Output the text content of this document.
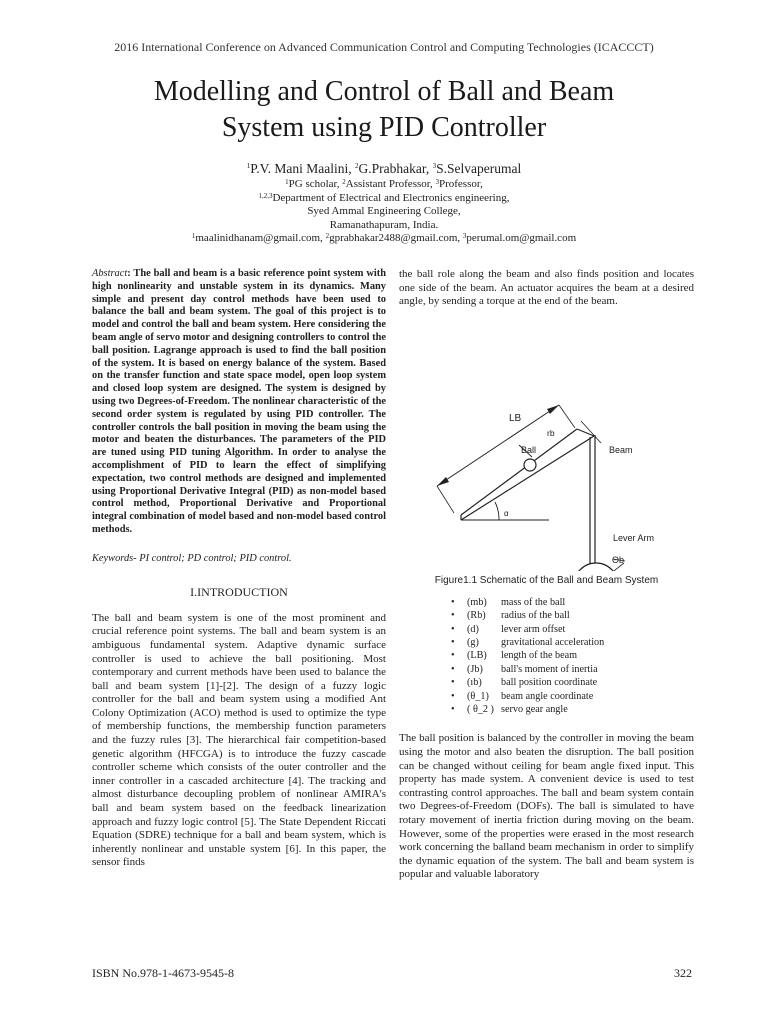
2016 International Conference on Advanced Communication Control and Computing Technologies (ICACCCT)
Modelling and Control of Ball and Beam
System using PID Controller
$^1$P.V. Mani Maalini, $^2$G.Prabhakar, $^3$S.Selvaperumal
$^1$PG scholar, $^2$Assistant Professor, $^3$Professor,
$^{1,2,3}$Department of Electrical and Electronics engineering,
Syed Ammal Engineering College,
Ramanathapuram, India.
$^1$maalinidhanam@gmail.com, $^2$gprabhakar2488@gmail.com, $^3$perumal.om@gmail.com
Abstract: The ball and beam is a basic reference point system with high nonlinearity and unstable system in its dynamics. Many simple and present day control methods have been used to balance the ball and beam system. The goal of this project is to model and control the ball and beam system. Here considering the beam angle of servo motor and designing controllers to control the ball position. Lagrange approach is used to find the ball position of the system. It is based on energy balance of the system. Based on the transfer function and state space model, open loop system and closed loop system are designed. The system is designed by using two Degrees-of-Freedom. The nonlinear characteristic of the second order system is regulated by using PID controller. The controller controls the ball position in moving the beam using the motor and beaten the disturbances. The parameters of the PID are tuned using PID tuning Algorithm. In order to analyse the accomplishment of PID to learn the effect of simplifying expectation, two control methods are designed and implemented using Proportional Derivative Integral (PID) as non-model based control method, Proportional Derivative and Proportional integral combination of model based and non-model based control methods.
Keywords- PI control; PD control; PID control.
I.INTRODUCTION
The ball and beam system is one of the most prominent and crucial reference point systems. The ball and beam system is an ambiguous fundamental system. Adaptive dynamic surface controller is used to achieve the ball positioning. Most contemporary and current methods have been used to balance the ball and beam system [1]-[2]. The design of a fuzzy logic controller for the ball and beam system using a modified Ant Colony Optimization (ACO) method is used to optimize the type of membership functions, the membership function parameters and the fuzzy rules [3]. The hierarchical fair competition-based genetic algorithm (HFCGA) is to introduce the fuzzy cascade controller scheme which consists of the outer controller and the inner controller in a cascaded architecture [4]. The tracking and almost disturbance decoupling problem of nonlinear AMIRA's ball and beam system based on the feedback linearization approach and fuzzy logic control [5]. The State Dependent Riccati Equation (SDRE) technique for a ball and beam system, which is inherently nonlinear and unstable system [6]. In this paper, the sensor finds
the ball role along the beam and also finds position and locates one side of the beam. An actuator acquires the beam at a desired angle, by sending a torque at the end of the beam.
LB
rb
Ball	Beam
α
Lever Arm
Θb
Figure1.1 Schematic of the Ball and Beam System
• (mb) mass of the ball
• (Rb) radius of the ball
• (d) lever arm offset
• (g) gravitational acceleration
• (LB) length of the beam
• (Jb) ball's moment of inertia
• (ıb) ball position coordinate
• (θ_1) beam angle coordinate
• ( θ_2 ) servo gear angle
The ball position is balanced by the controller in moving the beam using the motor and also beaten the disruption. The ball position can be changed without ceiling for beam angle fixed input. This property has made system. A convenient device is used to test contrasting control approaches. The ball and beam system contain two Degrees-of-Freedom (DOFs). The ball is simulated to have rotary movement of inertia friction during moving on the beam. However, some of the properties were erased in the most research work concerning the balland beam mechanism in order to simplify the dynamic equation of the system. The ball and beam system is popular and valuable laboratory
ISBN No.978-1-4673-9545-8	322
